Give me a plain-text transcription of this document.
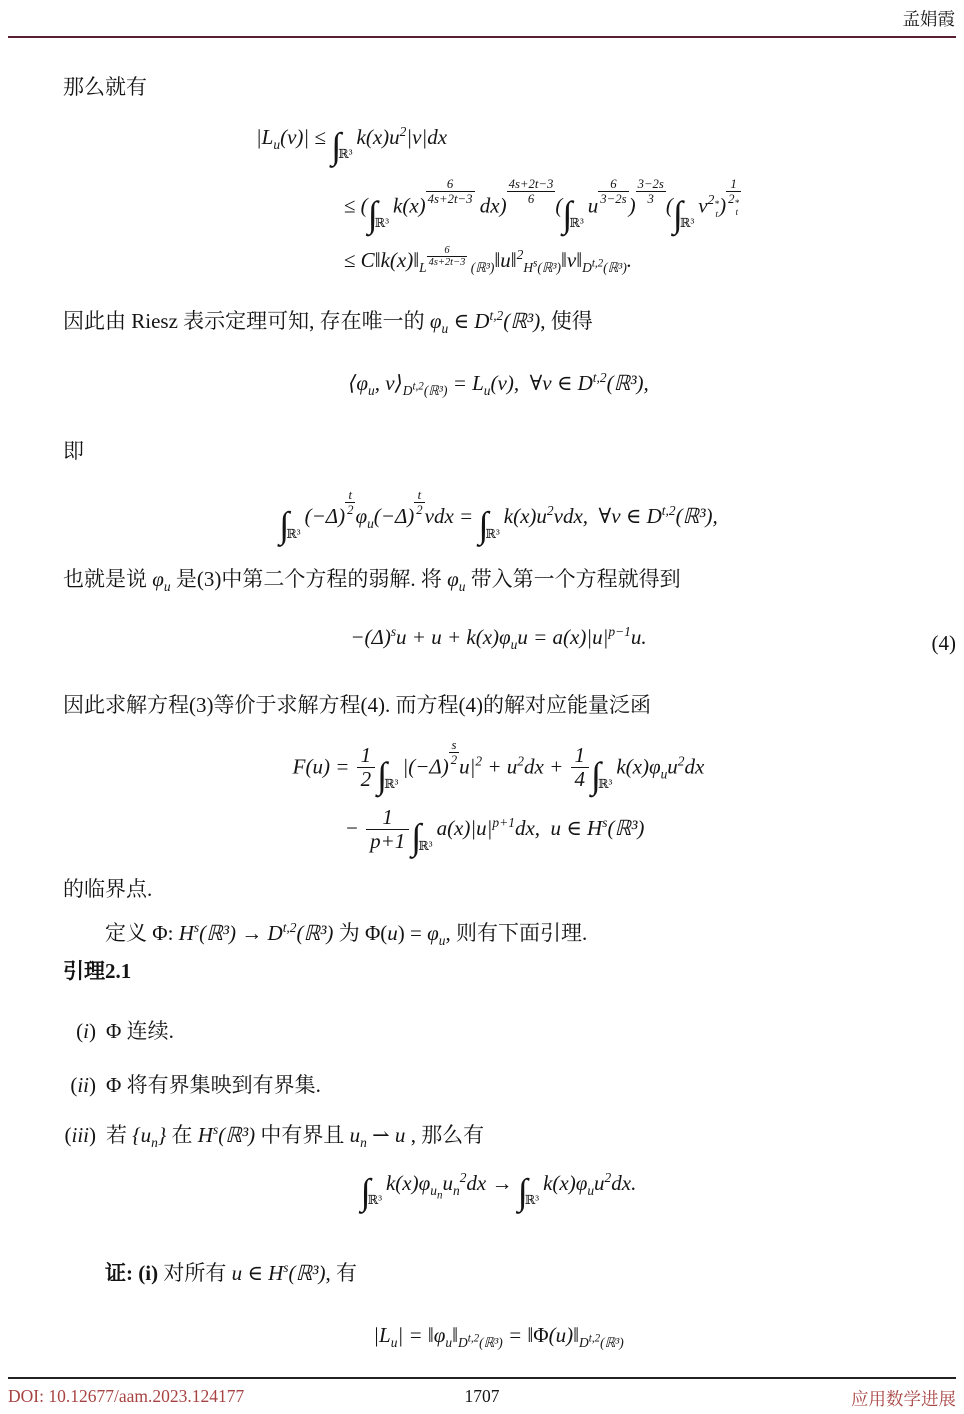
孟娟霞
那么就有
$|L_u(v)| \le \int_{ℝ^3}k(x)u^2|v|dx$
≤ ($\int_{ℝ^3}k(x)$ $^{\frac{6}{4s+2t-3}}$ dx) $^{\frac{4s+2t-3}{6}}$ ($\int_{ℝ^3}u$ $^{\frac{6}{3-2s}}$ ) $^{\frac{3-2s}{3}}$ ($\int_{ℝ^3}v^{2 * t}$ ) $^{1 2 * t}$
≤ $C‖k(x)‖_{L ^{\frac{6}{4s+2t-3}} (ℝ^3)}‖u‖^2_{H^s(ℝ^3)}‖v‖_{D^{t,2}(ℝ^3)}$.
因此由 Riesz 表示定理可知, 存在唯一的 $\varphi_u$ ∈ D$^{t,2}$(ℝ³), 使得
$⟨\varphi_u$, $v⟩_{D^{t,2}(ℝ^3)} = L_u(v)$,  ∀v ∈ D$^{t,2}$(ℝ³),
即
$\int_{ℝ^3}(-\Delta)$ $^{\frac{t}{2}}$ $\varphi_u(-\Delta)$ $^{\frac{t}{2}}$ vdx = $\int_{ℝ^3}k(x)u^2vdx$,  ∀v ∈ D$^{t,2}$(ℝ³),
也就是说 $\varphi_u$ 是(3)中第二个方程的弱解. 将 $\varphi_u$ 带入第一个方程就得到
$-(\Delta)^su + u + k(x)\varphi_uu = a(x)|u|^{p-1}u$.	(4)
因此求解方程(3)等价于求解方程(4). 而方程(4)的解对应能量泛函
$F(u) = \frac{1}{2} \int_{ℝ^3}|(-\Delta)$ $^{\frac{s}{2}}$ $u|^2 + u^2dx + \frac{1}{4} \int_{ℝ^3}k(x)\varphi_uu^2dx$
− $\frac{1}{p+1} \int_{ℝ^3}a(x)|u|^{p+1}dx$,  u ∈ $H^s(ℝ^3)$
的临界点.
定义 Φ: $H^s(ℝ^3)$ → D$^{t,2}$(ℝ³) 为 $\Phi(u) = \varphi_u$, 则有下面引理.
引理2.1
(i) Φ 连续.
(ii) Φ 将有界集映到有界集.
(iii) 若 $\{u_n\}$ 在 $H^s(ℝ^3)$ 中有界且 $u_n$ ⇀ u , 那么有
$\int_{ℝ^3}k(x)\varphi_{u_n}u_n^2dx \to \int_{ℝ^3}k(x)\varphi_uu^2dx$.
证: (i) 对所有 u ∈ $H^s(ℝ^3)$, 有
$|L_u|$ = $‖\varphi_u‖_{D^{t,2}(ℝ^3)}$ = $‖\Phi(u)‖_{D^{t,2}(ℝ^3)}$
DOI: 10.12677/aam.2023.124177	1707	应用数学进展
